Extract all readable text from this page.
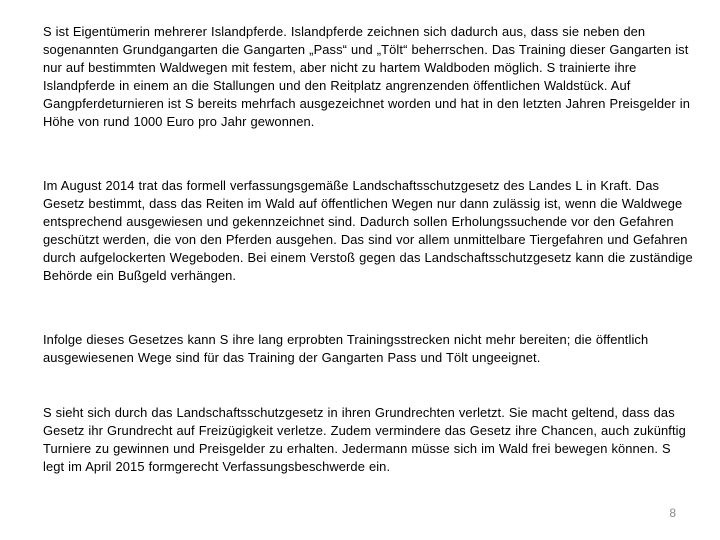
S ist Eigentümerin mehrerer Islandpferde. Islandpferde zeichnen sich dadurch aus, dass sie neben den sogenannten Grundgangarten die Gangarten „Pass“ und „Tölt“ beherrschen. Das Training dieser Gangarten ist nur auf bestimmten Waldwegen mit festem, aber nicht zu hartem Waldboden möglich. S trainierte ihre Islandpferde in einem an die Stallungen und den Reitplatz angrenzenden öffentlichen Waldstück. Auf Gangpferdeturnieren ist S bereits mehrfach ausgezeichnet worden und hat in den letzten Jahren Preisgelder in Höhe von rund 1000 Euro pro Jahr gewonnen.

Im August 2014 trat das formell verfassungsgemäße Landschaftsschutzgesetz des Landes L in Kraft. Das Gesetz bestimmt, dass das Reiten im Wald auf öffentlichen Wegen nur dann zulässig ist, wenn die Waldwege entsprechend ausgewiesen und gekennzeichnet sind. Dadurch sollen Erholungssuchende vor den Gefahren geschützt werden, die von den Pferden ausgehen. Das sind vor allem unmittelbare Tiergefahren und Gefahren durch aufgelockerten Wegeboden. Bei einem Verstoß gegen das Landschaftsschutzgesetz kann die zuständige Behörde ein Bußgeld verhängen.

Infolge dieses Gesetzes kann S ihre lang erprobten Trainingsstrecken nicht mehr bereiten; die öffentlich ausgewiesenen Wege sind für das Training der Gangarten Pass und Tölt ungeeignet.

S sieht sich durch das Landschaftsschutzgesetz in ihren Grundrechten verletzt. Sie macht geltend, dass das Gesetz ihr Grundrecht auf Freizügigkeit verletze. Zudem vermindere das Gesetz ihre Chancen, auch zukünftig Turniere zu gewinnen und Preisgelder zu erhalten. Jedermann müsse sich im Wald frei bewegen können. S legt im April 2015 formgerecht Verfassungsbeschwerde ein.

8
